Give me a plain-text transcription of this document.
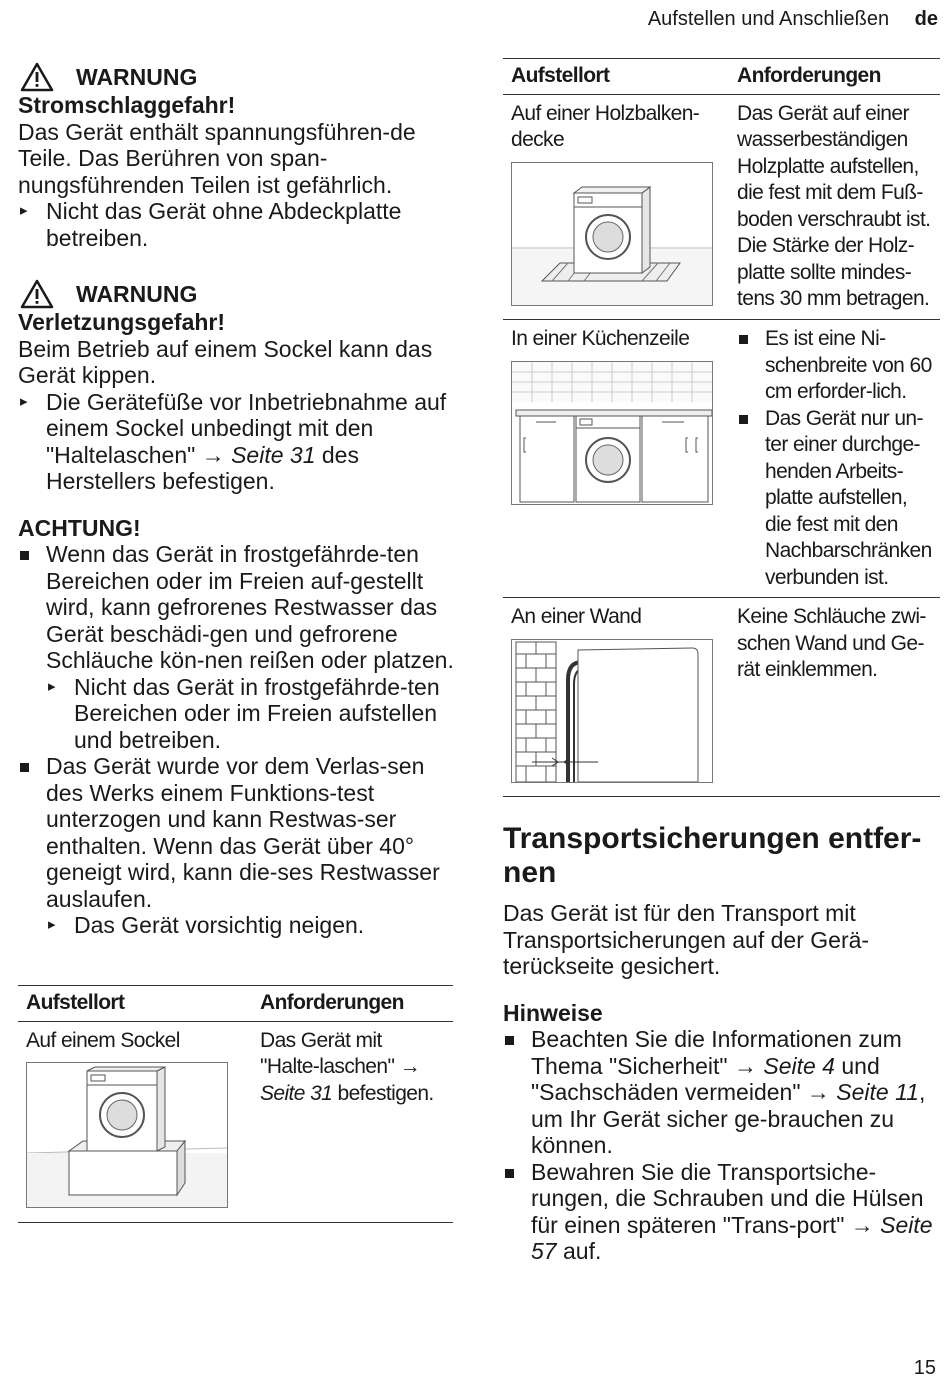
Aufstellen und Anschließen de
WARNUNG
Stromschlaggefahr!
Das Gerät enthält spannungsführen-de Teile. Das Berühren von span-nungsführenden Teilen ist gefährlich.
▸ Nicht das Gerät ohne Abdeckplatte betreiben.
WARNUNG
Verletzungsgefahr!
Beim Betrieb auf einem Sockel kann das Gerät kippen.
▸ Die Gerätefüße vor Inbetriebnahme auf einem Sockel unbedingt mit den "Haltelaschen" → Seite 31 des Herstellers befestigen.
ACHTUNG!
Wenn das Gerät in frostgefährde-ten Bereichen oder im Freien auf-gestellt wird, kann gefrorenes Restwasser das Gerät beschädi-gen und gefrorene Schläuche kön-nen reißen oder platzen.
▸ Nicht das Gerät in frostgefährde-ten Bereichen oder im Freien aufstellen und betreiben.
Das Gerät wurde vor dem Verlas-sen des Werks einem Funktions-test unterzogen und kann Restwas-ser enthalten. Wenn das Gerät über 40° geneigt wird, kann die-ses Restwasser auslaufen.
▸ Das Gerät vorsichtig neigen.
Aufstellort	Anforderungen

Auf einem Sockel	Das Gerät mit "Halte-laschen" → Seite 31 befestigen.
Aufstellort	Anforderungen

Auf einer Holzbalken-decke	Das Gerät auf einer wasserbeständigen Holzplatte aufstellen, die fest mit dem Fuß-boden verschraubt ist. Die Stärke der Holz-platte sollte mindes-tens 30 mm betragen.

In einer Küchenzeile	Es ist eine Ni-schenbreite von 60 cm erforder-lich.
Das Gerät nur un-ter einer durchge-henden Arbeits-platte aufstellen, die fest mit den Nachbarschränken verbunden ist.

An einer Wand	Keine Schläuche zwi-schen Wand und Ge-rät einklemmen.
Transportsicherungen entfer-nen
Das Gerät ist für den Transport mit Transportsicherungen auf der Gerä-terückseite gesichert.
Hinweise
Beachten Sie die Informationen zum Thema "Sicherheit" → Seite 4 und "Sachschäden vermeiden" → Seite 11, um Ihr Gerät sicher ge-brauchen zu können.
Bewahren Sie die Transportsiche-rungen, die Schrauben und die Hülsen für einen späteren "Trans-port" → Seite 57 auf.
15
